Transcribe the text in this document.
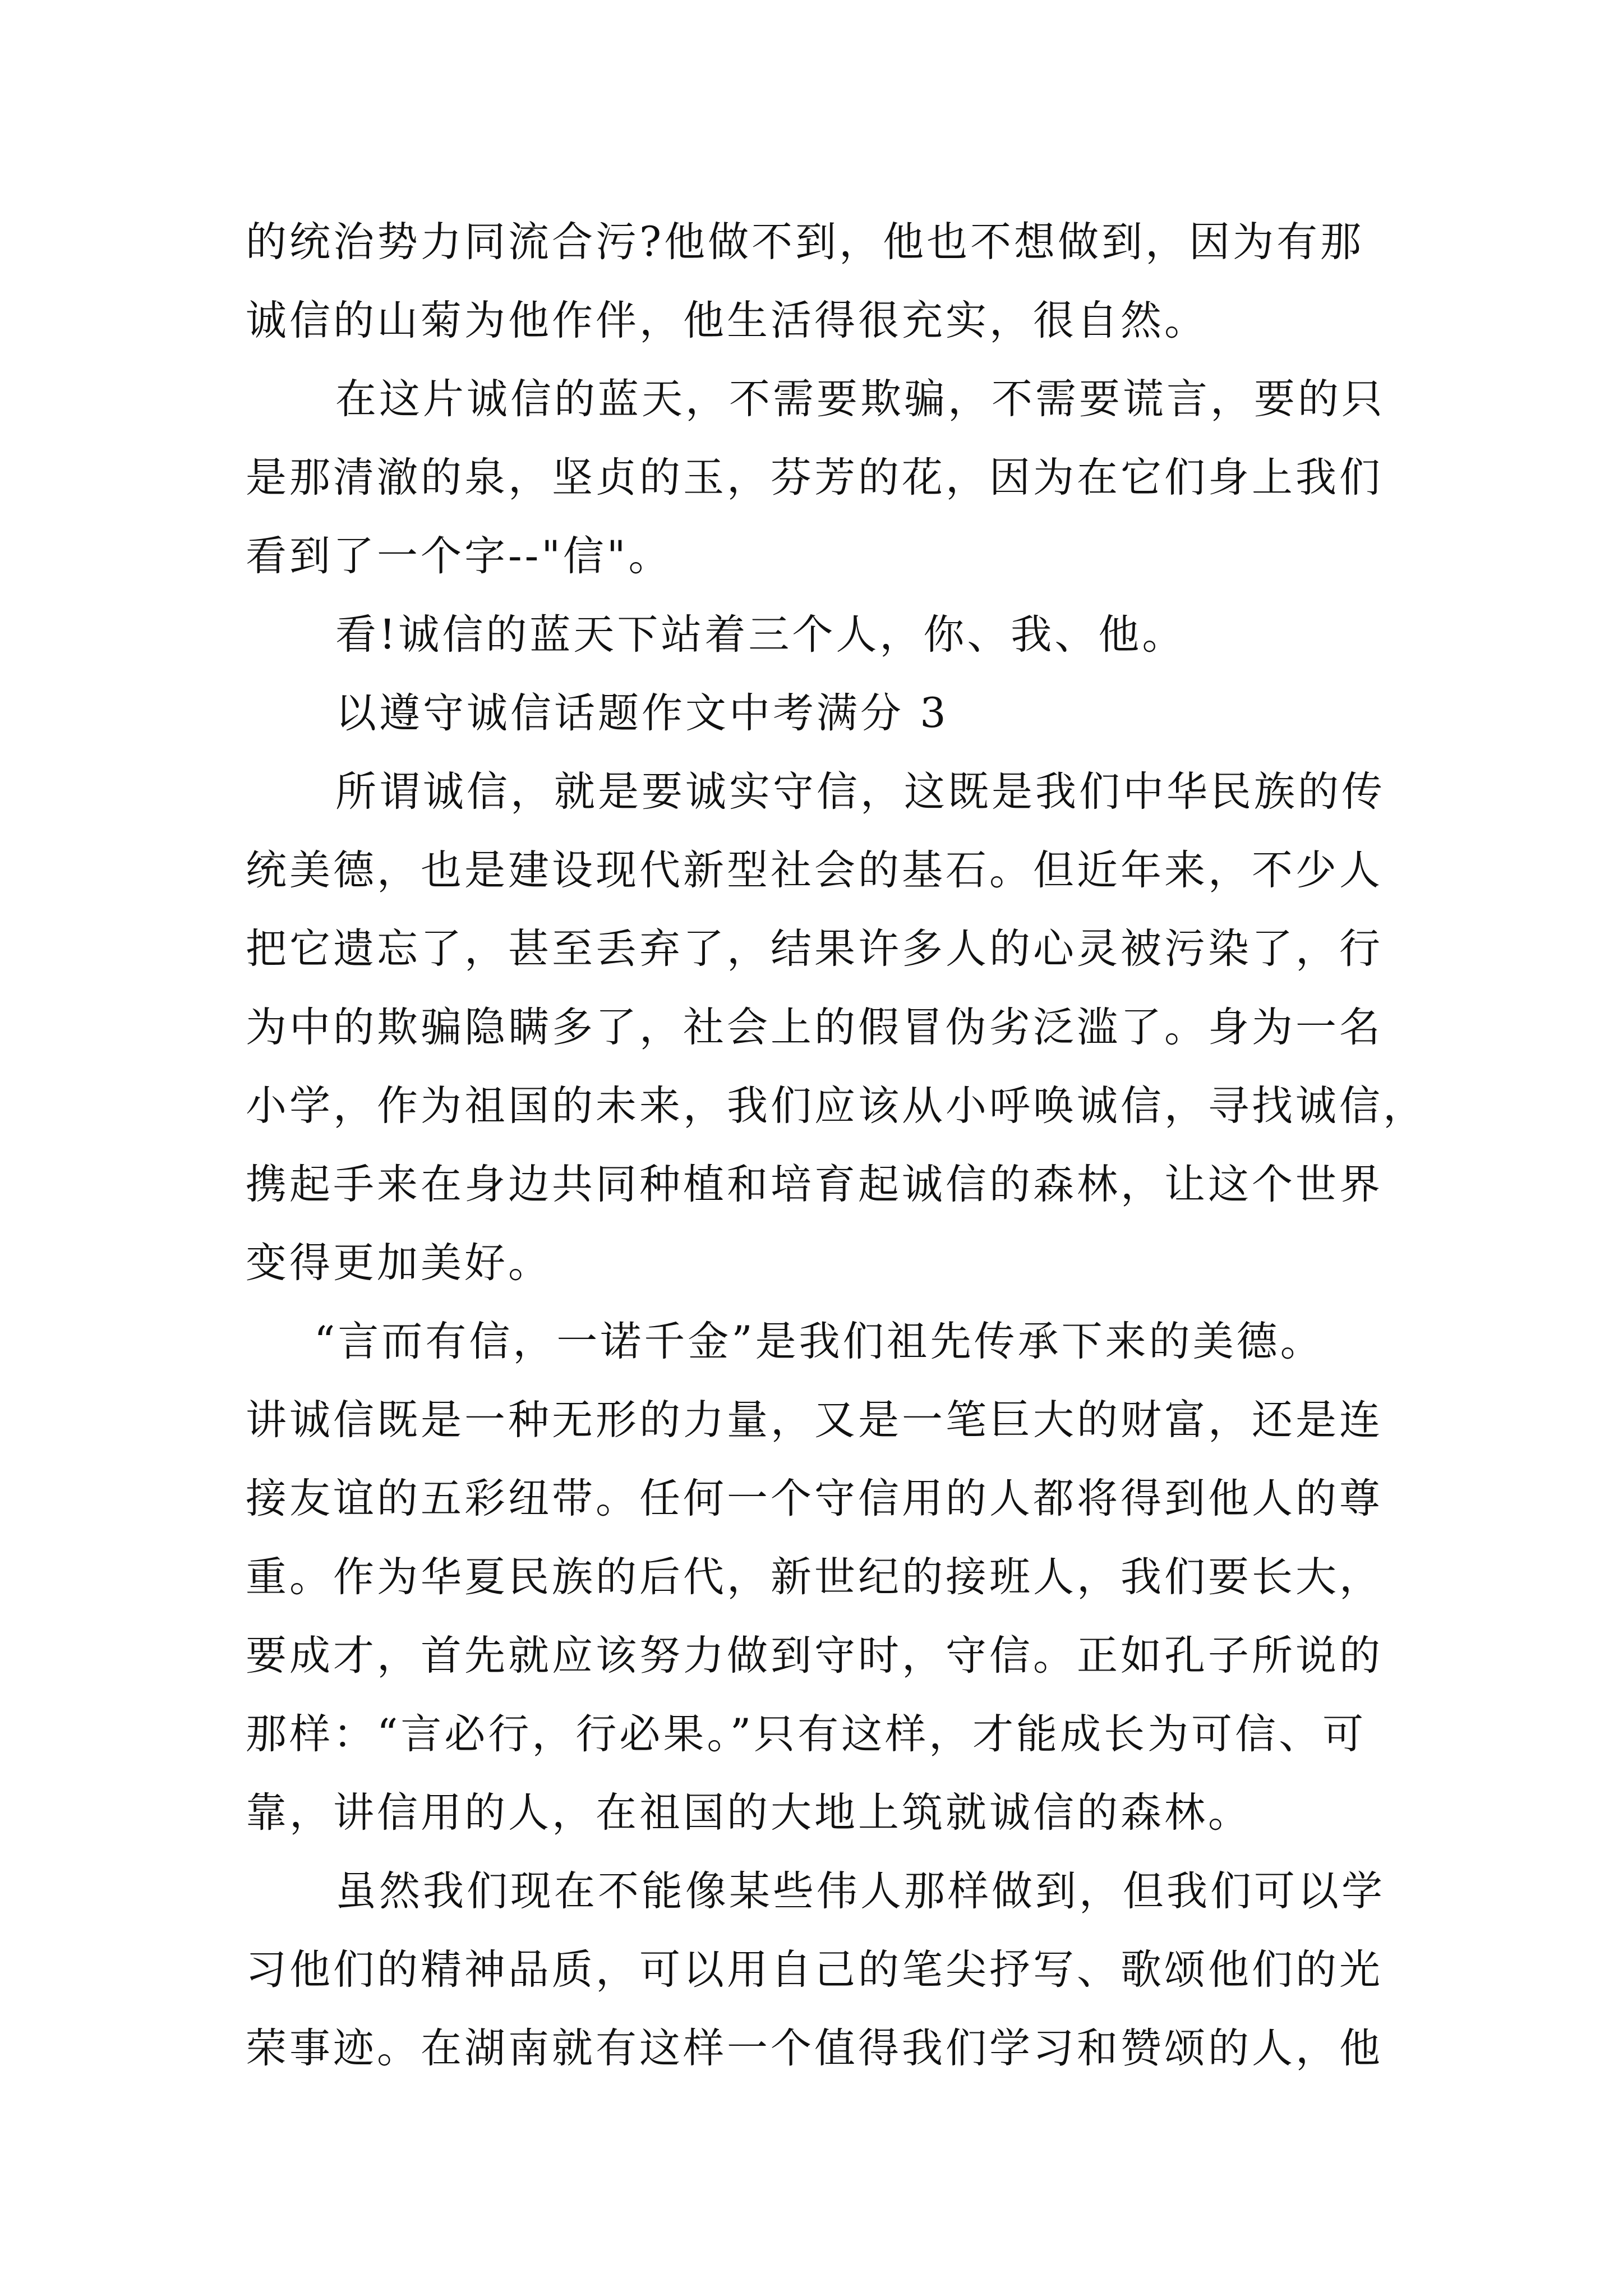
的统治势力同流合污?他做不到，他也不想做到，因为有那

诚信的山菊为他作伴，他生活得很充实，很自然。

在这片诚信的蓝天，不需要欺骗，不需要谎言，要的只

是那清澈的泉，坚贞的玉，芬芳的花，因为在它们身上我们

看到了一个字--"信"。

看!诚信的蓝天下站着三个人，你、我、他。

以遵守诚信话题作文中考满分 3

所谓诚信，就是要诚实守信，这既是我们中华民族的传

统美德，也是建设现代新型社会的基石。但近年来，不少人

把它遗忘了，甚至丢弃了，结果许多人的心灵被污染了，行

为中的欺骗隐瞒多了，社会上的假冒伪劣泛滥了。身为一名

小学，作为祖国的未来，我们应该从小呼唤诚信，寻找诚信，

携起手来在身边共同种植和培育起诚信的森林，让这个世界

变得更加美好。

“言而有信，一诺千金”是我们祖先传承下来的美德。

讲诚信既是一种无形的力量，又是一笔巨大的财富，还是连

接友谊的五彩纽带。任何一个守信用的人都将得到他人的尊

重。作为华夏民族的后代，新世纪的接班人，我们要长大，

要成才，首先就应该努力做到守时，守信。正如孔子所说的

那样：“言必行，行必果。”只有这样，才能成长为可信、可

靠，讲信用的人，在祖国的大地上筑就诚信的森林。

虽然我们现在不能像某些伟人那样做到，但我们可以学

习他们的精神品质，可以用自己的笔尖抒写、歌颂他们的光

荣事迹。在湖南就有这样一个值得我们学习和赞颂的人，他
